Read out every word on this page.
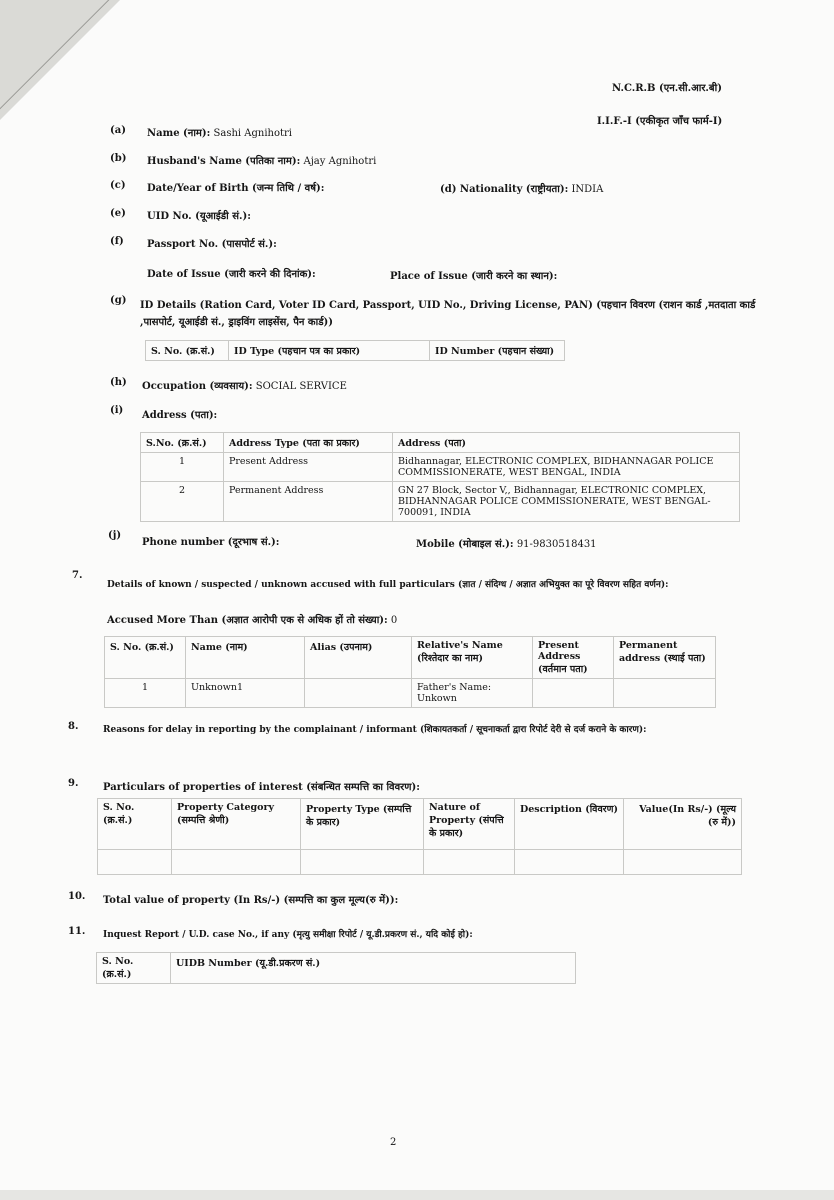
N.C.R.B (एन.सी.आर.बी)
I.I.F.-I (एकीकृत जाँच फार्म-I)
(a) Name (नाम): Sashi Agnihotri
(b) Husband's Name (पतिका नाम): Ajay Agnihotri
(c) Date/Year of Birth (जन्म तिथि / वर्ष):	(d) Nationality (राष्ट्रीयता): INDIA
(e) UID No. (यूआईडी सं.):
(f) Passport No. (पासपोर्ट सं.):
Date of Issue (जारी करने की दिनांक):	Place of Issue (जारी करने का स्थान):
(g) ID Details (Ration Card, Voter ID Card, Passport, UID No., Driving License, PAN) (पहचान विवरण (राशन कार्ड ,मतदाता कार्ड
,पासपोर्ट, यूआईडी सं., ड्राइविंग लाइसेंस, पैन कार्ड))
S. No. (क्र.सं.)	ID Type (पहचान पत्र का प्रकार)	ID Number (पहचान संख्या)
(h) Occupation (व्यवसाय): SOCIAL SERVICE
(i) Address (पता):
S.No. (क्र.सं.)	Address Type (पता का प्रकार)	Address (पता)
1	Present Address	Bidhannagar, ELECTRONIC COMPLEX, BIDHANNAGAR POLICE COMMISSIONERATE, WEST BENGAL, INDIA
2	Permanent Address	GN 27 Block, Sector V,, Bidhannagar, ELECTRONIC COMPLEX, BIDHANNAGAR POLICE COMMISSIONERATE, WEST BENGAL-700091, INDIA
(j)
Phone number (दूरभाष सं.):	Mobile (मोबाइल सं.): 91-9830518431
7.
Details of known / suspected / unknown accused with full particulars (ज्ञात / संदिग्ध / अज्ञात अभियुक्त का पूरे विवरण सहित वर्णन):
Accused More Than (अज्ञात आरोपी एक से अधिक हों तो संख्या): 0
S. No. (क्र.सं.)	Name (नाम)	Alias (उपनाम)	Relative's Name (रिश्तेदार का नाम)	Present Address (वर्तमान पता)	Permanent address (स्थाई पता)
1	Unknown1		Father's Name: Unkown		
8.	Reasons for delay in reporting by the complainant / informant (शिकायतकर्ता / सूचनाकर्ता द्वारा रिपोर्ट देरी से दर्ज कराने के कारण):
9. Particulars of properties of interest (संबन्धित सम्पत्ति का विवरण):
S. No. (क्र.सं.)	Property Category (सम्पत्ति श्रेणी)	Property Type (सम्पत्ति के प्रकार)	Nature of Property (संपत्ति के प्रकार)	Description (विवरण)	Value(In Rs/-) (मूल्य (रु में))

10. Total value of property (In Rs/-) (सम्पत्ति का कुल मूल्य(रु में)):
11. Inquest Report / U.D. case No., if any (मृत्यु समीक्षा रिपोर्ट / यू.डी.प्रकरण सं., यदि कोई हो):
S. No. (क्र.सं.)	UIDB Number (यू.डी.प्रकरण सं.)
2
